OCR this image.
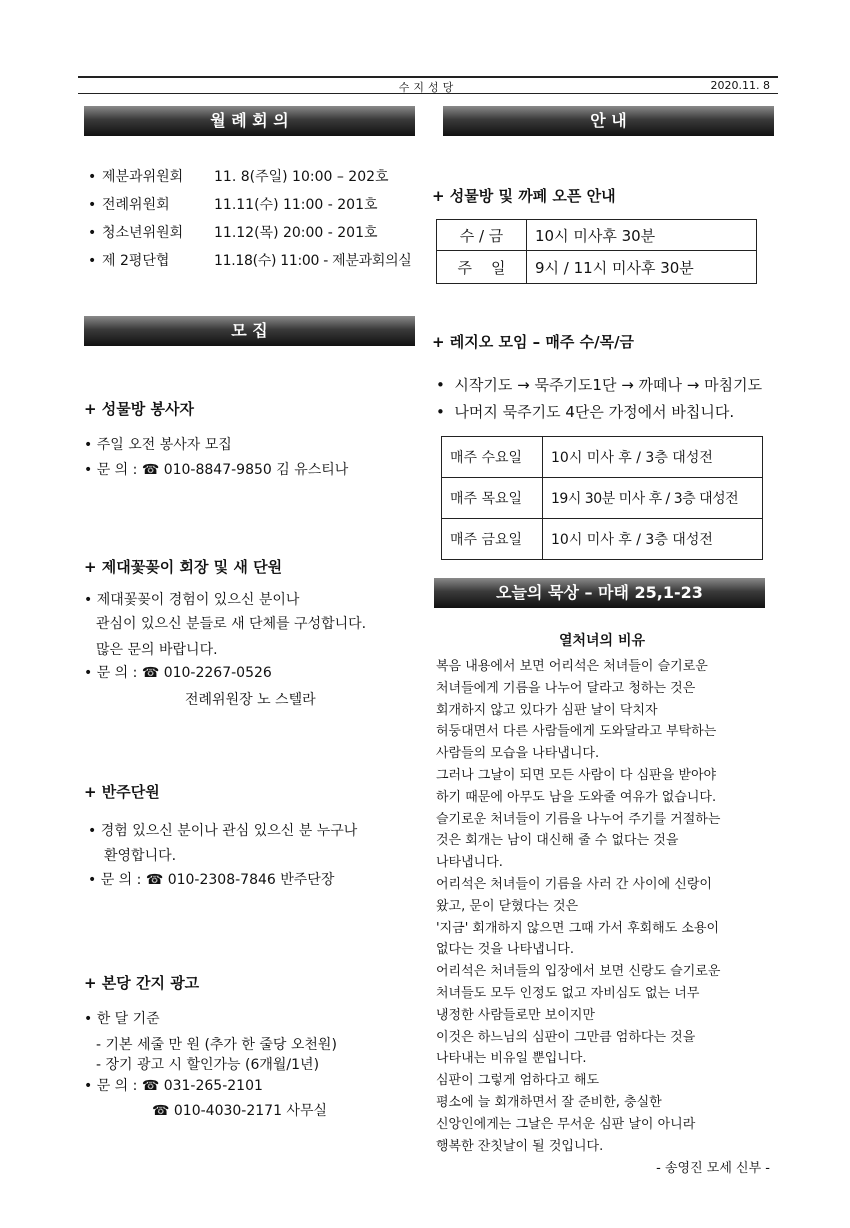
수지성당	2020.11. 8
월 례 회 의
• 제분과위원회	11. 8(주일) 10:00 – 202호
• 전례위원회	11.11(수) 11:00 - 201호
• 청소년위원회	11.12(목) 20:00 - 201호
• 제 2평단협	11.18(수) 11:00 - 제분과회의실
모 집
+ 성물방 봉사자
• 주일 오전 봉사자 모집
• 문 의 : ☎ 010-8847-9850 김 유스티나
+ 제대꽃꽂이 회장 및 새 단원
• 제대꽃꽂이 경험이 있으신 분이나
관심이 있으신 분들로 새 단체를 구성합니다.
많은 문의 바랍니다.
• 문 의 : ☎ 010-2267-0526
전례위원장 노 스텔라
+ 반주단원
• 경험 있으신 분이나 관심 있으신 분 누구나
환영합니다.
• 문 의 : ☎ 010-2308-7846 반주단장
+ 본당 간지 광고
• 한 달 기준
- 기본 세줄 만 원 (추가 한 줄당 오천원)
- 장기 광고 시 할인가능 (6개월/1년)
• 문 의 : ☎ 031-265-2101
☎ 010-4030-2171 사무실
안 내
+ 성물방 및 까페 오픈 안내
수 / 금	10시 미사후 30분
주    일	9시 / 11시 미사후 30분
+ 레지오 모임 – 매주 수/목/금
•  시작기도 → 묵주기도1단 → 까떼나 → 마침기도
•  나머지 묵주기도 4단은 가정에서 바칩니다.
매주 수요일	10시 미사 후 / 3층 대성전
매주 목요일	19시 30분 미사 후 / 3층 대성전
매주 금요일	10시 미사 후 / 3층 대성전
오늘의 묵상 – 마태 25,1-23
열처녀의 비유
복음 내용에서 보면 어리석은 처녀들이 슬기로운
처녀들에게 기름을 나누어 달라고 청하는 것은
회개하지 않고 있다가 심판 날이 닥치자
허둥대면서 다른 사람들에게 도와달라고 부탁하는
사람들의 모습을 나타냅니다.
그러나 그날이 되면 모든 사람이 다 심판을 받아야
하기 때문에 아무도 남을 도와줄 여유가 없습니다.
슬기로운 처녀들이 기름을 나누어 주기를 거절하는
것은 회개는 남이 대신해 줄 수 없다는 것을
나타냅니다.
어리석은 처녀들이 기름을 사러 간 사이에 신랑이
왔고, 문이 닫혔다는 것은
'지금' 회개하지 않으면 그때 가서 후회해도 소용이
없다는 것을 나타냅니다.
어리석은 처녀들의 입장에서 보면 신랑도 슬기로운
처녀들도 모두 인정도 없고 자비심도 없는 너무
냉정한 사람들로만 보이지만
이것은 하느님의 심판이 그만큼 엄하다는 것을
나타내는 비유일 뿐입니다.
심판이 그렇게 엄하다고 해도
평소에 늘 회개하면서 잘 준비한, 충실한
신앙인에게는 그날은 무서운 심판 날이 아니라
행복한 잔칫날이 될 것입니다.
- 송영진 모세 신부 -
